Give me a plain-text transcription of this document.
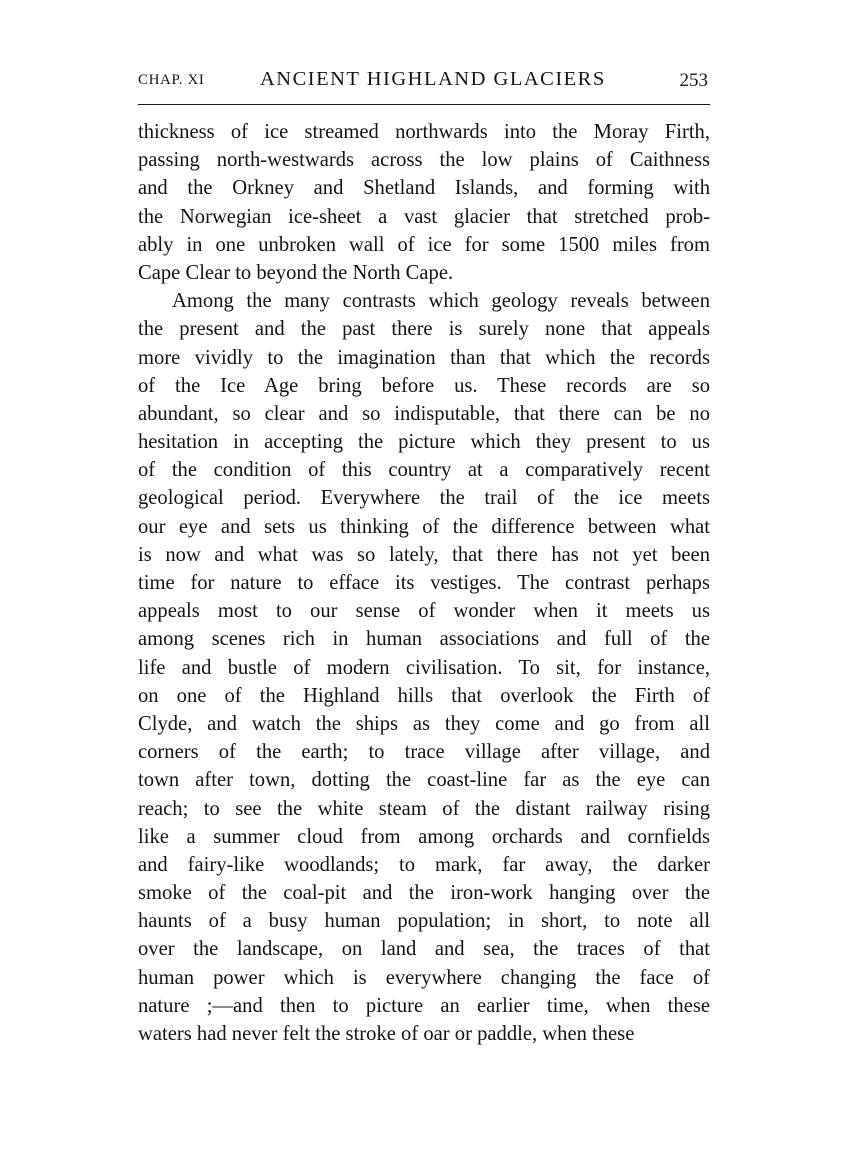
CHAP. XI	ANCIENT HIGHLAND GLACIERS	253
thickness of ice streamed northwards into the Moray Firth,
passing north-westwards across the low plains of Caithness
and the Orkney and Shetland Islands, and forming with
the Norwegian ice-sheet a vast glacier that stretched prob-
ably in one unbroken wall of ice for some 1500 miles from
Cape Clear to beyond the North Cape.
Among the many contrasts which geology reveals between
the present and the past there is surely none that appeals
more vividly to the imagination than that which the records
of the Ice Age bring before us. These records are so
abundant, so clear and so indisputable, that there can be no
hesitation in accepting the picture which they present to us
of the condition of this country at a comparatively recent
geological period. Everywhere the trail of the ice meets
our eye and sets us thinking of the difference between what
is now and what was so lately, that there has not yet been
time for nature to efface its vestiges. The contrast perhaps
appeals most to our sense of wonder when it meets us
among scenes rich in human associations and full of the
life and bustle of modern civilisation. To sit, for instance,
on one of the Highland hills that overlook the Firth of
Clyde, and watch the ships as they come and go from all
corners of the earth; to trace village after village, and
town after town, dotting the coast-line far as the eye can
reach; to see the white steam of the distant railway rising
like a summer cloud from among orchards and cornfields
and fairy-like woodlands; to mark, far away, the darker
smoke of the coal-pit and the iron-work hanging over the
haunts of a busy human population; in short, to note all
over the landscape, on land and sea, the traces of that
human power which is everywhere changing the face of
nature ;—and then to picture an earlier time, when these
waters had never felt the stroke of oar or paddle, when these
